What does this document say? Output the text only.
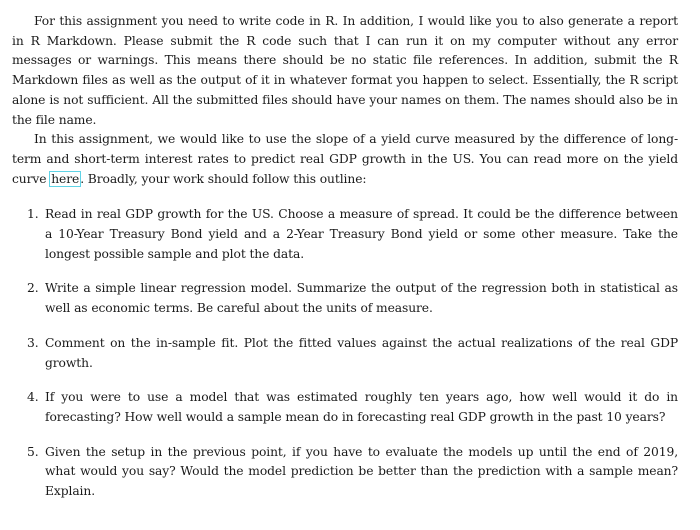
For this assignment you need to write code in R. In addition, I would like you to also generate a report in R Markdown. Please submit the R code such that I can run it on my computer without any error messages or warnings. This means there should be no static file references. In addition, submit the R Markdown files as well as the output of it in whatever format you happen to select. Essentially, the R script alone is not sufficient. All the submitted files should have your names on them. The names should also be in the file name.

In this assignment, we would like to use the slope of a yield curve measured by the difference of long-term and short-term interest rates to predict real GDP growth in the US. You can read more on the yield curve here. Broadly, your work should follow this outline:

1. Read in real GDP growth for the US. Choose a measure of spread. It could be the difference between a 10-Year Treasury Bond yield and a 2-Year Treasury Bond yield or some other measure. Take the longest possible sample and plot the data.
2. Write a simple linear regression model. Summarize the output of the regression both in statistical as well as economic terms. Be careful about the units of measure.
3. Comment on the in-sample fit. Plot the fitted values against the actual realizations of the real GDP growth.
4. If you were to use a model that was estimated roughly ten years ago, how well would it do in forecasting? How well would a sample mean do in forecasting real GDP growth in the past 10 years?
5. Given the setup in the previous point, if you have to evaluate the models up until the end of 2019, what would you say? Would the model prediction be better than the prediction with a sample mean? Explain.
